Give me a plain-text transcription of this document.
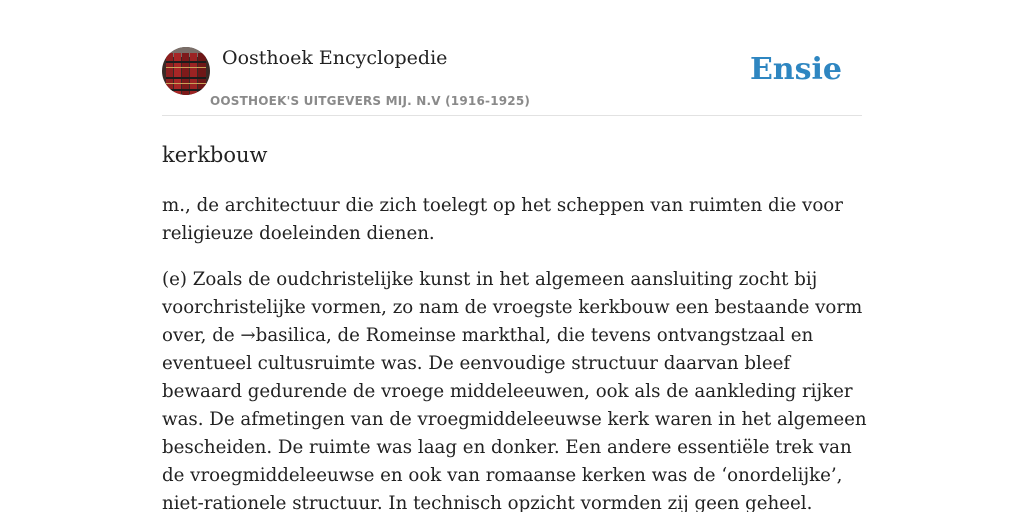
Oosthoek Encyclopedie
OOSTHOEK'S UITGEVERS MIJ. N.V (1916-1925)
Ensie
kerkbouw

m., de architectuur die zich toelegt op het scheppen van ruimten die voor religieuze doeleinden dienen.

(e) Zoals de oudchristelijke kunst in het algemeen aansluiting zocht bij voorchristelijke vormen, zo nam de vroegste kerkbouw een bestaande vorm over, de →basilica, de Romeinse markthal, die tevens ontvangstzaal en eventueel cultusruimte was. De eenvoudige structuur daarvan bleef bewaard gedurende de vroege middeleeuwen, ook als de aankleding rijker was. De afmetingen van de vroegmiddeleeuwse kerk waren in het algemeen bescheiden. De ruimte was laag en donker. Een andere essentiële trek van de vroegmiddeleeuwse en ook van romaanse kerken was de ‘onordelijke’, niet-rationele structuur. In technisch opzicht vormden zij geen geheel.
